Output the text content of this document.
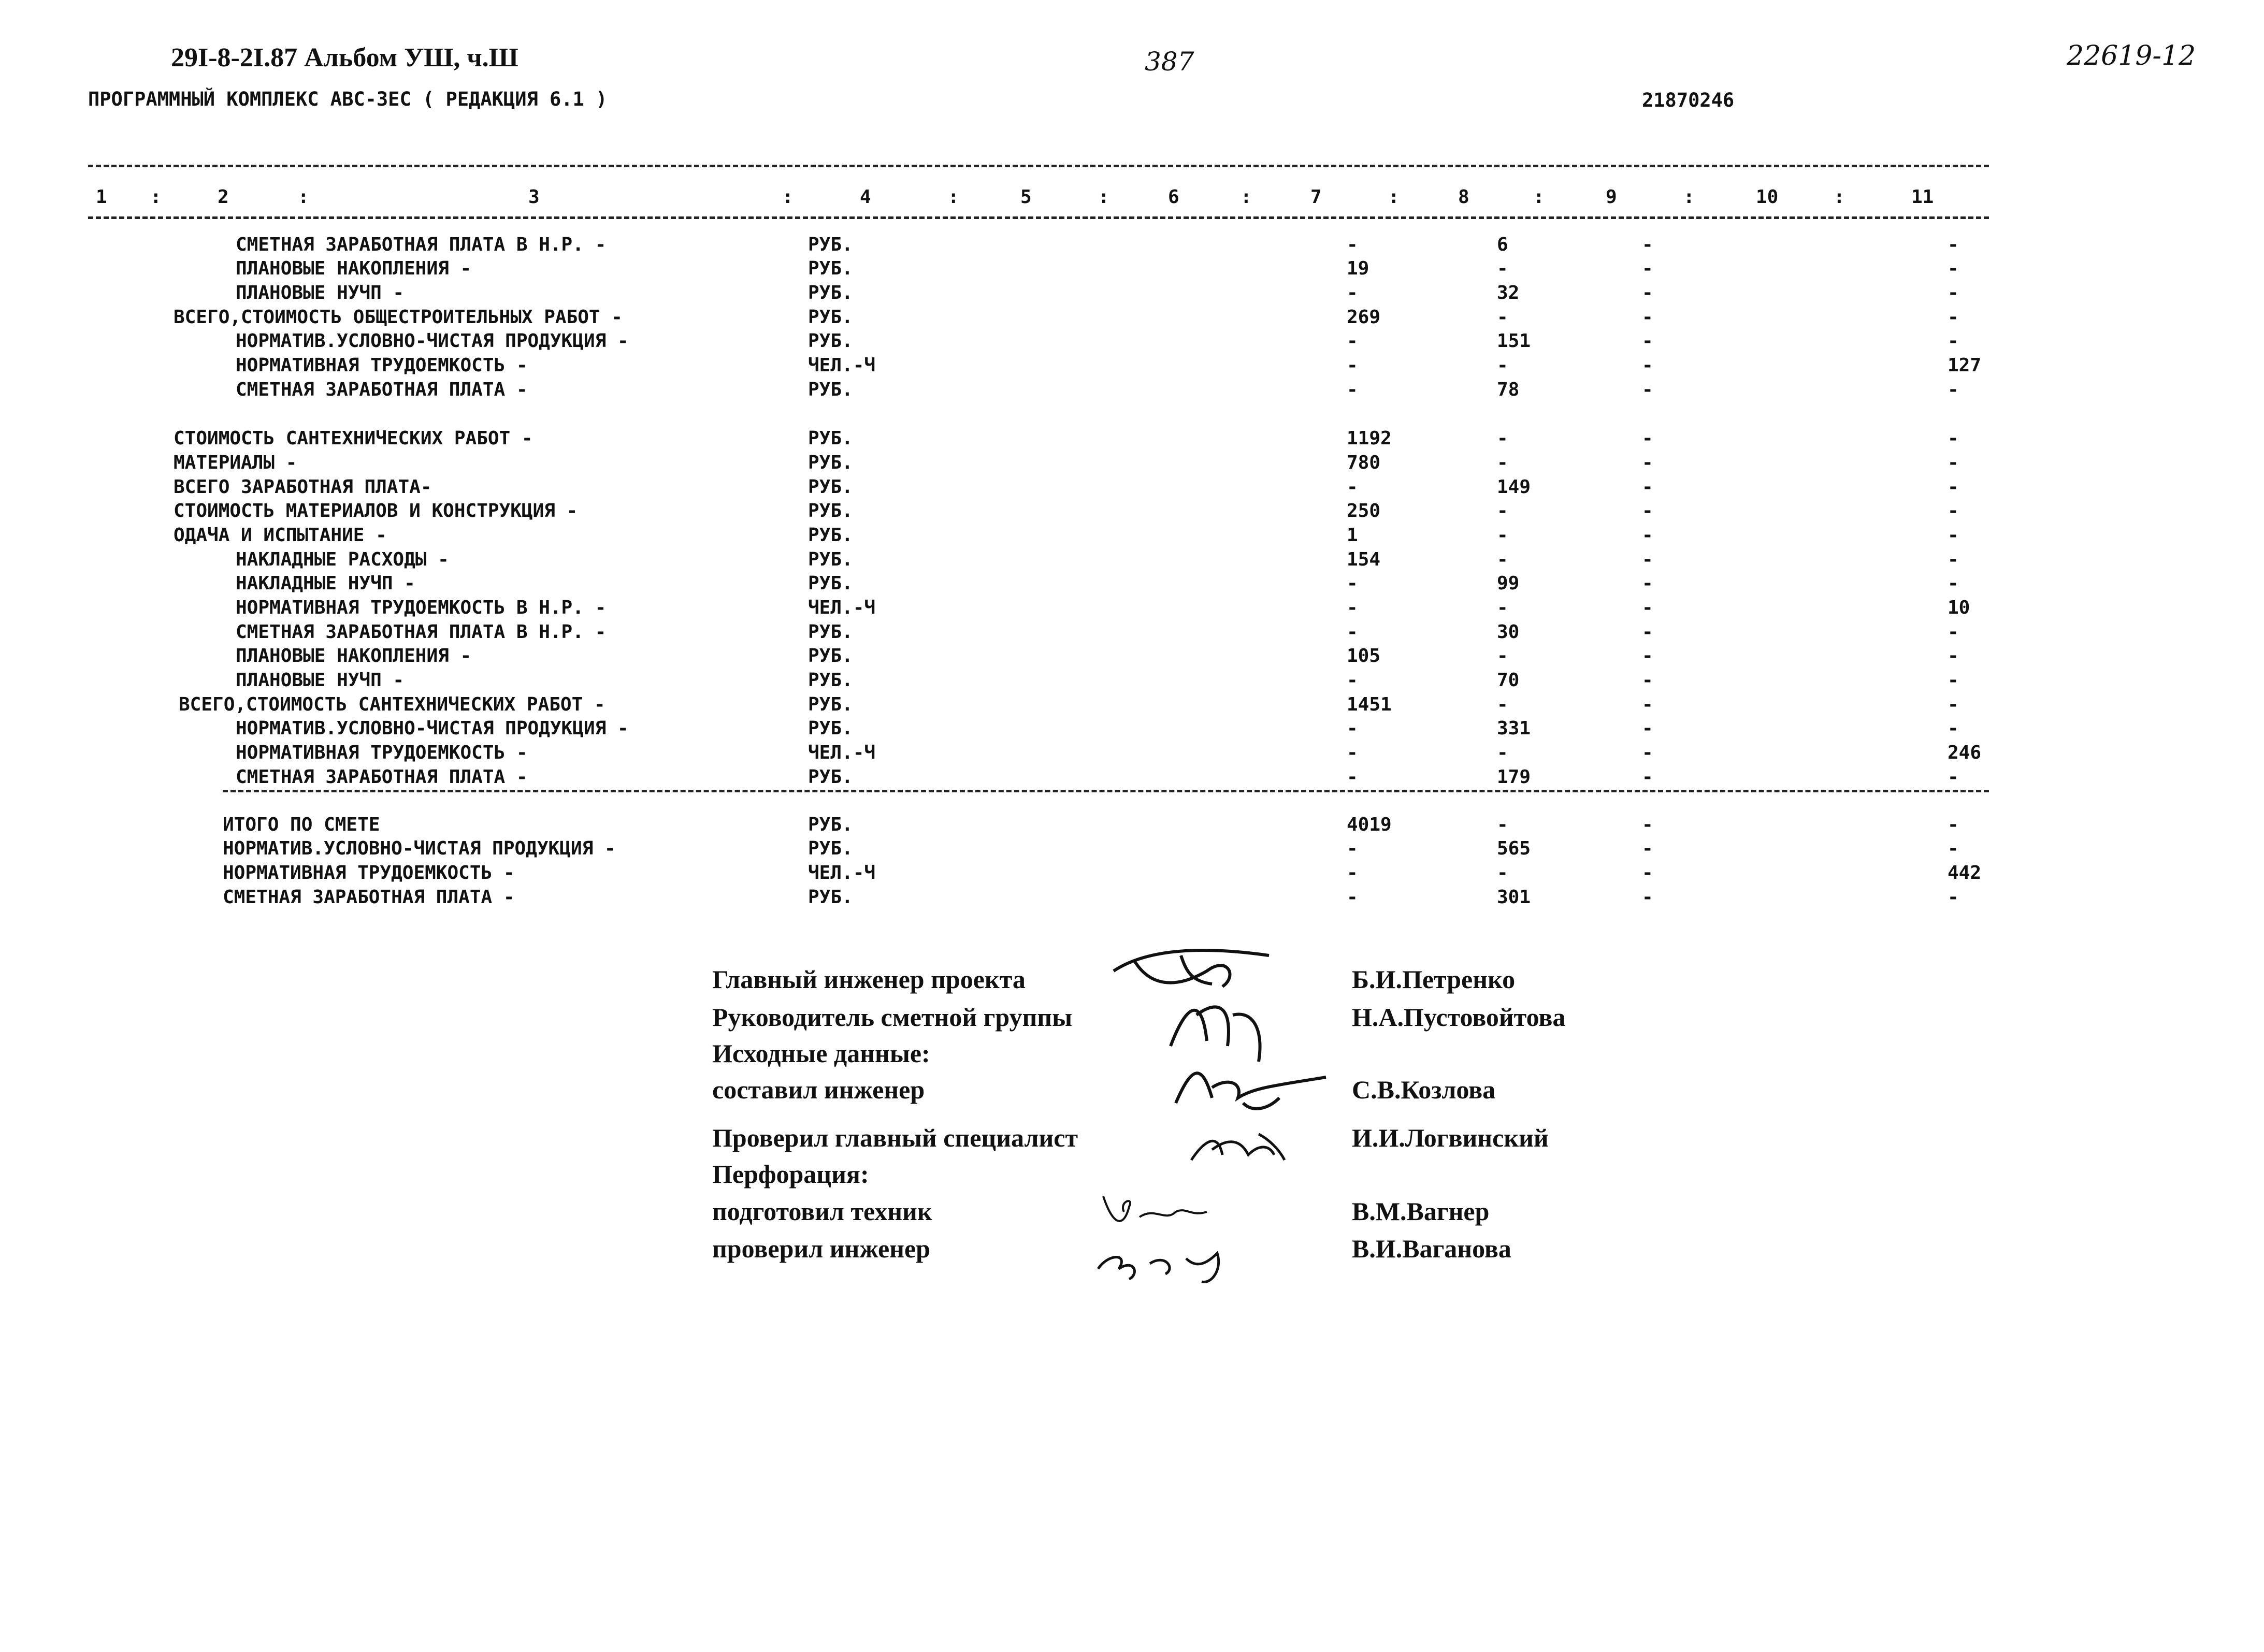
29I-8-2I.87 Альбом УШ, ч.Ш	387	22619-12
ПРОГРАММНЫЙ КОМПЛЕКС АВС-3ЕС ( РЕДАКЦИЯ 6.1 )	21870246
1 :	2	:	3	:	4	:	5	:	6	:	7	:	8	:	9	:	10	:	11
СМЕТНАЯ ЗАРАБОТНАЯ ПЛАТА В Н.Р. -	РУБ.	-	6	-	-
ПЛАНОВЫЕ НАКОПЛЕНИЯ -	РУБ.	19	-	-	-
ПЛАНОВЫЕ НУЧП -	РУБ.	-	32	-	-
ВСЕГО,СТОИМОСТЬ ОБЩЕСТРОИТЕЛЬНЫХ РАБОТ -	РУБ.	269	-	-	-
НОРМАТИВ.УСЛОВНО-ЧИСТАЯ ПРОДУКЦИЯ -	РУБ.	-	151	-	-
НОРМАТИВНАЯ ТРУДОЕМКОСТЬ -	ЧЕЛ.-Ч	-	-	-	127
СМЕТНАЯ ЗАРАБОТНАЯ ПЛАТА -	РУБ.	-	78	-	-
СТОИМОСТЬ САНТЕХНИЧЕСКИХ РАБОТ -	РУБ.	1192	-	-	-
МАТЕРИАЛЫ -	РУБ.	780	-	-	-
ВСЕГО ЗАРАБОТНАЯ ПЛАТА-	РУБ.	-	149	-	-
СТОИМОСТЬ МАТЕРИАЛОВ И КОНСТРУКЦИЯ -	РУБ.	250	-	-	-
ОДАЧА И ИСПЫТАНИЕ -	РУБ.	1	-	-	-
НАКЛАДНЫЕ РАСХОДЫ -	РУБ.	154	-	-	-
НАКЛАДНЫЕ НУЧП -	РУБ.	-	99	-	-
НОРМАТИВНАЯ ТРУДОЕМКОСТЬ В Н.Р. -	ЧЕЛ.-Ч	-	-	-	10
СМЕТНАЯ ЗАРАБОТНАЯ ПЛАТА В Н.Р. -	РУБ.	-	30	-	-
ПЛАНОВЫЕ НАКОПЛЕНИЯ -	РУБ.	105	-	-	-
ПЛАНОВЫЕ НУЧП -	РУБ.	-	70	-	-
ВСЕГО,СТОИМОСТЬ САНТЕХНИЧЕСКИХ РАБОТ -	РУБ.	1451	-	-	-
НОРМАТИВ.УСЛОВНО-ЧИСТАЯ ПРОДУКЦИЯ -	РУБ.	-	331	-	-
НОРМАТИВНАЯ ТРУДОЕМКОСТЬ -	ЧЕЛ.-Ч	-	-	-	246
СМЕТНАЯ ЗАРАБОТНАЯ ПЛАТА -	РУБ.	-	179	-	-
ИТОГО ПО СМЕТЕ	РУБ.	4019	-	-	-
НОРМАТИВ.УСЛОВНО-ЧИСТАЯ ПРОДУКЦИЯ -	РУБ.	-	565	-	-
НОРМАТИВНАЯ ТРУДОЕМКОСТЬ -	ЧЕЛ.-Ч	-	-	-	442
СМЕТНАЯ ЗАРАБОТНАЯ ПЛАТА -	РУБ.	-	301	-	-
Главный инженер проекта	Б.И.Петренко
Руководитель сметной группы	Н.А.Пустовойтова
Исходные данные:
составил инженер	С.В.Козлова
Проверил главный специалист	И.И.Логвинский
Перфорация:
подготовил техник	В.М.Вагнер
проверил инженер	В.И.Ваганова
